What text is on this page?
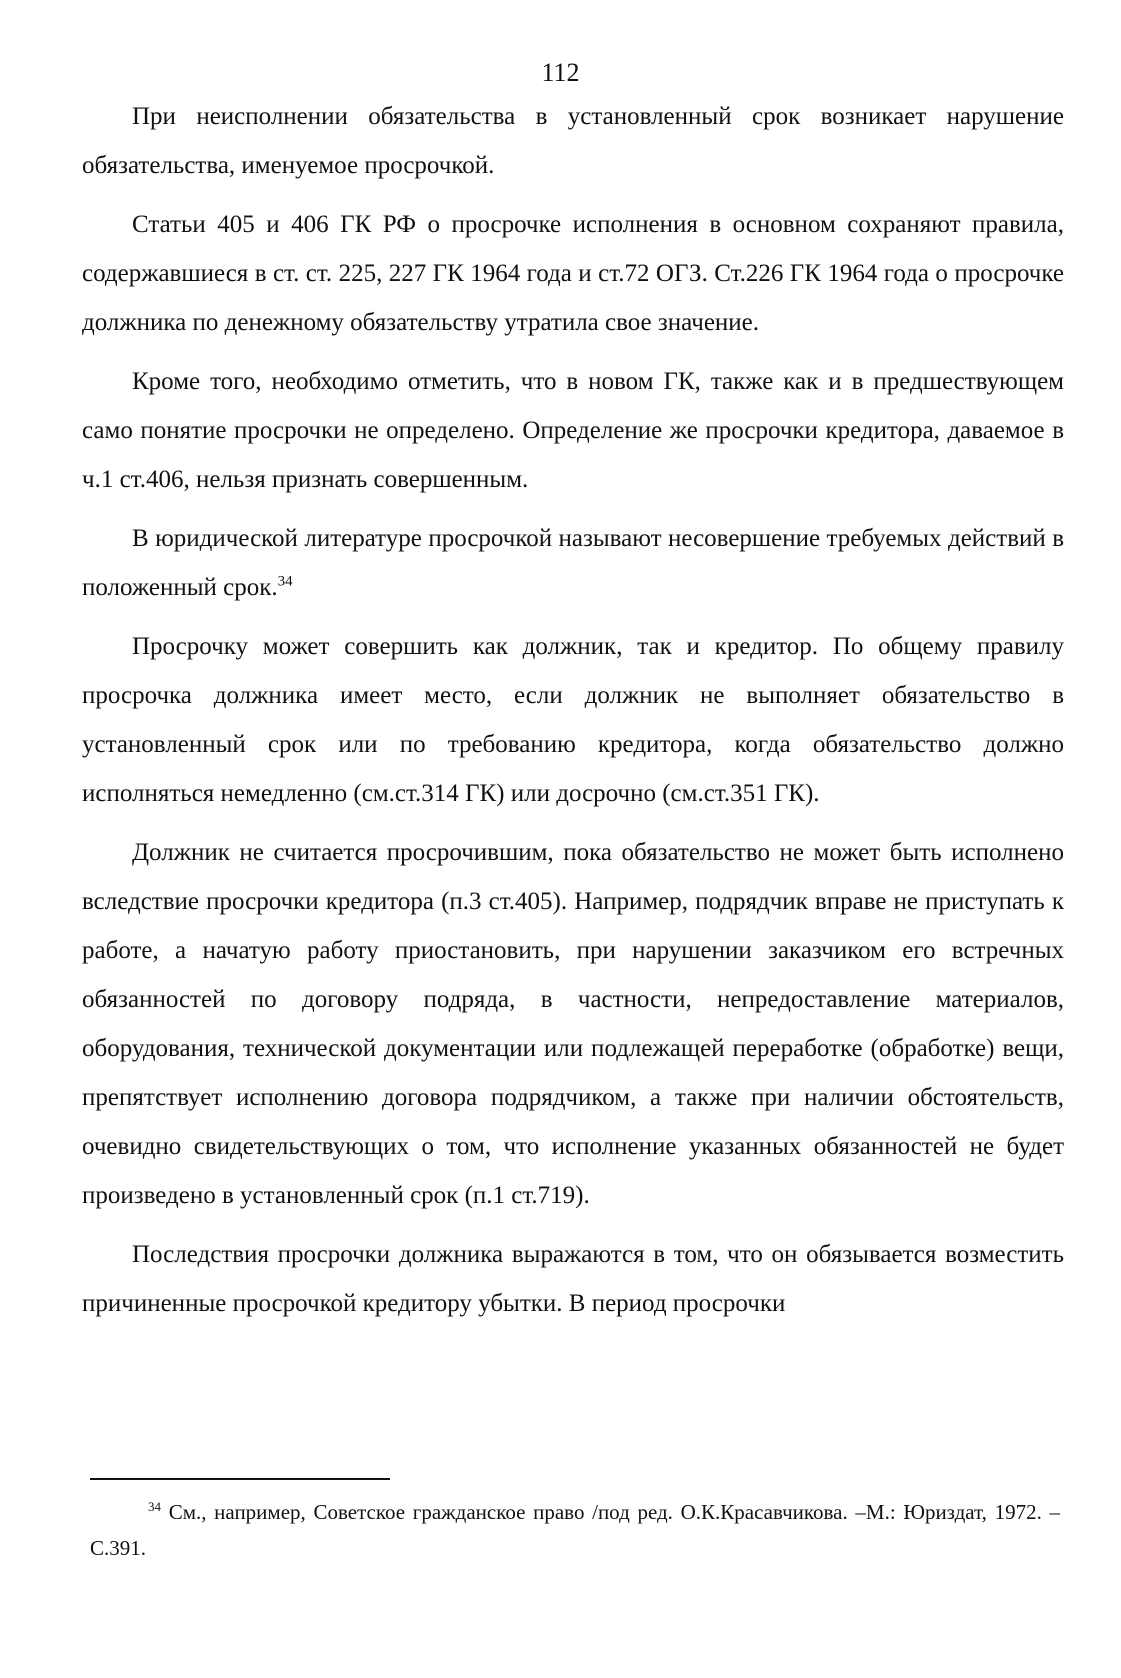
112

При неисполнении обязательства в установленный срок возникает нарушение обязательства, именуемое просрочкой.

Статьи 405 и 406 ГК РФ о просрочке исполнения в основном сохраняют правила, содержавшиеся в ст. ст. 225, 227 ГК 1964 года и ст.72 ОГЗ. Ст.226 ГК 1964 года о просрочке должника по денежному обязательству утратила свое значение.

Кроме того, необходимо отметить, что в новом ГК, также как и в предшествующем само понятие просрочки не определено. Определение же просрочки кредитора, даваемое в ч.1 ст.406, нельзя признать совершенным.

В юридической литературе просрочкой называют несовершение требуемых действий в положенный срок.$^{34}$

Просрочку может совершить как должник, так и кредитор. По общему правилу просрочка должника имеет место, если должник не выполняет обязательство в установленный срок или по требованию кредитора, когда обязательство должно исполняться немедленно (см.ст.314 ГК) или досрочно (см.ст.351 ГК).

Должник не считается просрочившим, пока обязательство не может быть исполнено вследствие просрочки кредитора (п.3 ст.405). Например, подрядчик вправе не приступать к работе, а начатую работу приостановить, при нарушении заказчиком его встречных обязанностей по договору подряда, в частности, непредоставление материалов, оборудования, технической документации или подлежащей переработке (обработке) вещи, препятствует исполнению договора подрядчиком, а также при наличии обстоятельств, очевидно свидетельствующих о том, что исполнение указанных обязанностей не будет произведено в установленный срок (п.1 ст.719).

Последствия просрочки должника выражаются в том, что он обязывается возместить причиненные просрочкой кредитору убытки. В период просрочки

$^{34}$ См., например, Советское гражданское право /под ред. О.К.Красавчикова. –М.: Юриздат, 1972. –С.391.
